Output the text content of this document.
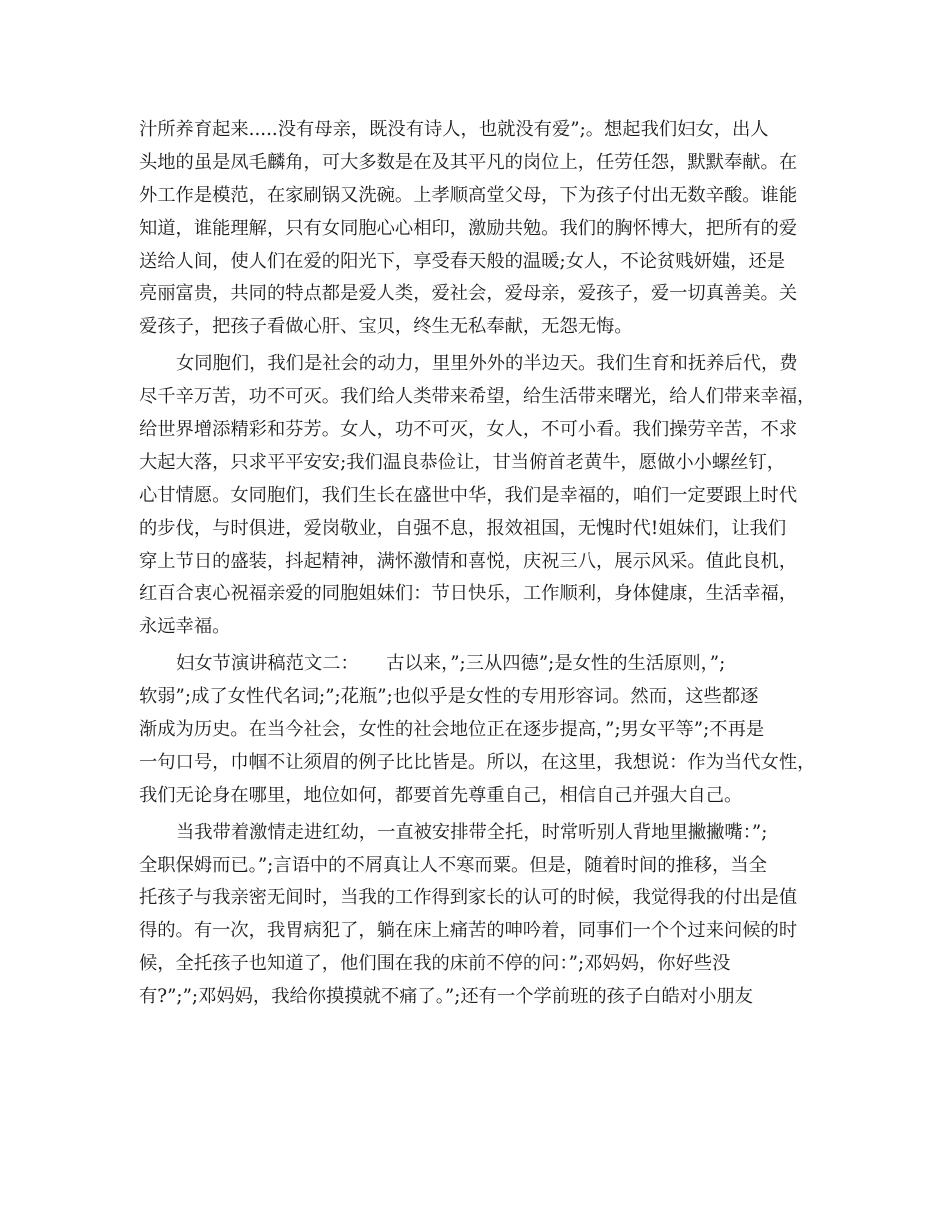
汁所养育起来.....没有母亲，既没有诗人，也就没有爱”;。想起我们妇女，出人
头地的虽是凤毛麟角，可大多数是在及其平凡的岗位上，任劳任怨，默默奉献。在
外工作是模范，在家刷锅又洗碗。上孝顺高堂父母，下为孩子付出无数辛酸。谁能
知道，谁能理解，只有女同胞心心相印，激励共勉。我们的胸怀博大，把所有的爱
送给人间，使人们在爱的阳光下，享受春天般的温暖;女人，不论贫贱妍媸，还是
亮丽富贵，共同的特点都是爱人类，爱社会，爱母亲，爱孩子，爱一切真善美。关
爱孩子，把孩子看做心肝、宝贝，终生无私奉献，无怨无悔。
女同胞们，我们是社会的动力，里里外外的半边天。我们生育和抚养后代，费
尽千辛万苦，功不可灭。我们给人类带来希望，给生活带来曙光，给人们带来幸福，
给世界增添精彩和芬芳。女人，功不可灭，女人，不可小看。我们操劳辛苦，不求
大起大落，只求平平安安;我们温良恭俭让，甘当俯首老黄牛，愿做小小螺丝钉，
心甘情愿。女同胞们，我们生长在盛世中华，我们是幸福的，咱们一定要跟上时代
的步伐，与时俱进，爱岗敬业，自强不息，报效祖国，无愧时代!姐妹们，让我们
穿上节日的盛装，抖起精神，满怀激情和喜悦，庆祝三八，展示风采。值此良机，
红百合衷心祝福亲爱的同胞姐妹们：节日快乐，工作顺利，身体健康，生活幸福，
永远幸福。
妇女节演讲稿范文二：　　古以来，”;三从四德”;是女性的生活原则，”;
软弱”;成了女性代名词;”;花瓶”;也似乎是女性的专用形容词。然而，这些都逐
渐成为历史。在当今社会，女性的社会地位正在逐步提高，”;男女平等”;不再是
一句口号，巾帼不让须眉的例子比比皆是。所以，在这里，我想说：作为当代女性，
我们无论身在哪里，地位如何，都要首先尊重自己，相信自己并强大自己。
当我带着激情走进红幼，一直被安排带全托，时常听别人背地里撇撇嘴：”;
全职保姆而已。”;言语中的不屑真让人不寒而粟。但是，随着时间的推移，当全
托孩子与我亲密无间时，当我的工作得到家长的认可的时候，我觉得我的付出是值
得的。有一次，我胃病犯了，躺在床上痛苦的呻吟着，同事们一个个过来问候的时
候，全托孩子也知道了，他们围在我的床前不停的问：”;邓妈妈，你好些没
有?”;”;邓妈妈，我给你摸摸就不痛了。”;还有一个学前班的孩子白皓对小朋友
